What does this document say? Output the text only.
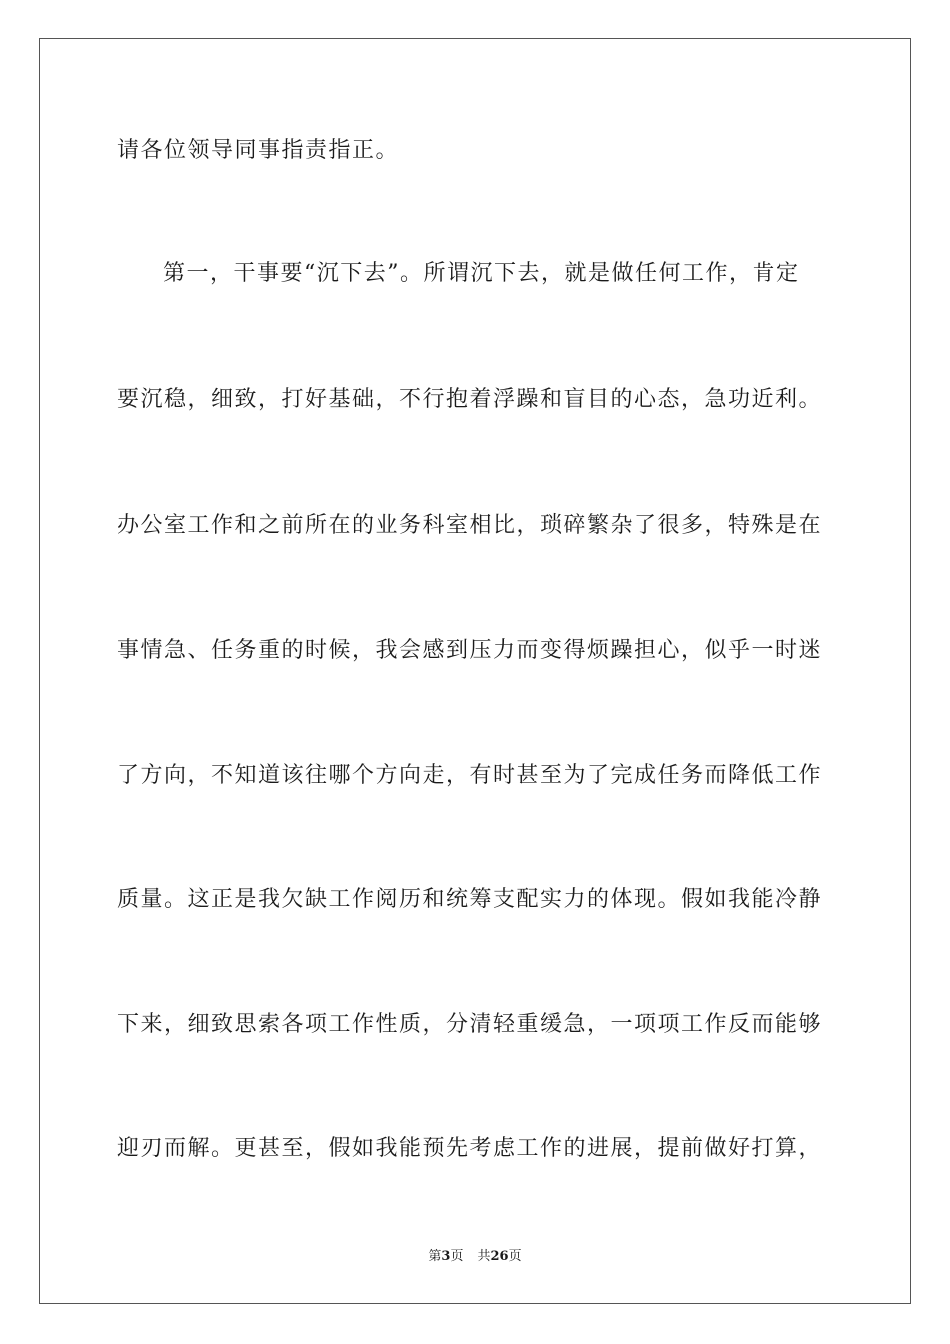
请各位领导同事指责指正。
第一，干事要“沉下去”。所谓沉下去，就是做任何工作，肯定
要沉稳，细致，打好基础，不行抱着浮躁和盲目的心态，急功近利。
办公室工作和之前所在的业务科室相比，琐碎繁杂了很多，特殊是在
事情急、任务重的时候，我会感到压力而变得烦躁担心，似乎一时迷
了方向，不知道该往哪个方向走，有时甚至为了完成任务而降低工作
质量。这正是我欠缺工作阅历和统筹支配实力的体现。假如我能冷静
下来，细致思索各项工作性质，分清轻重缓急，一项项工作反而能够
迎刃而解。更甚至，假如我能预先考虑工作的进展，提前做好打算，
第3页 共26页
